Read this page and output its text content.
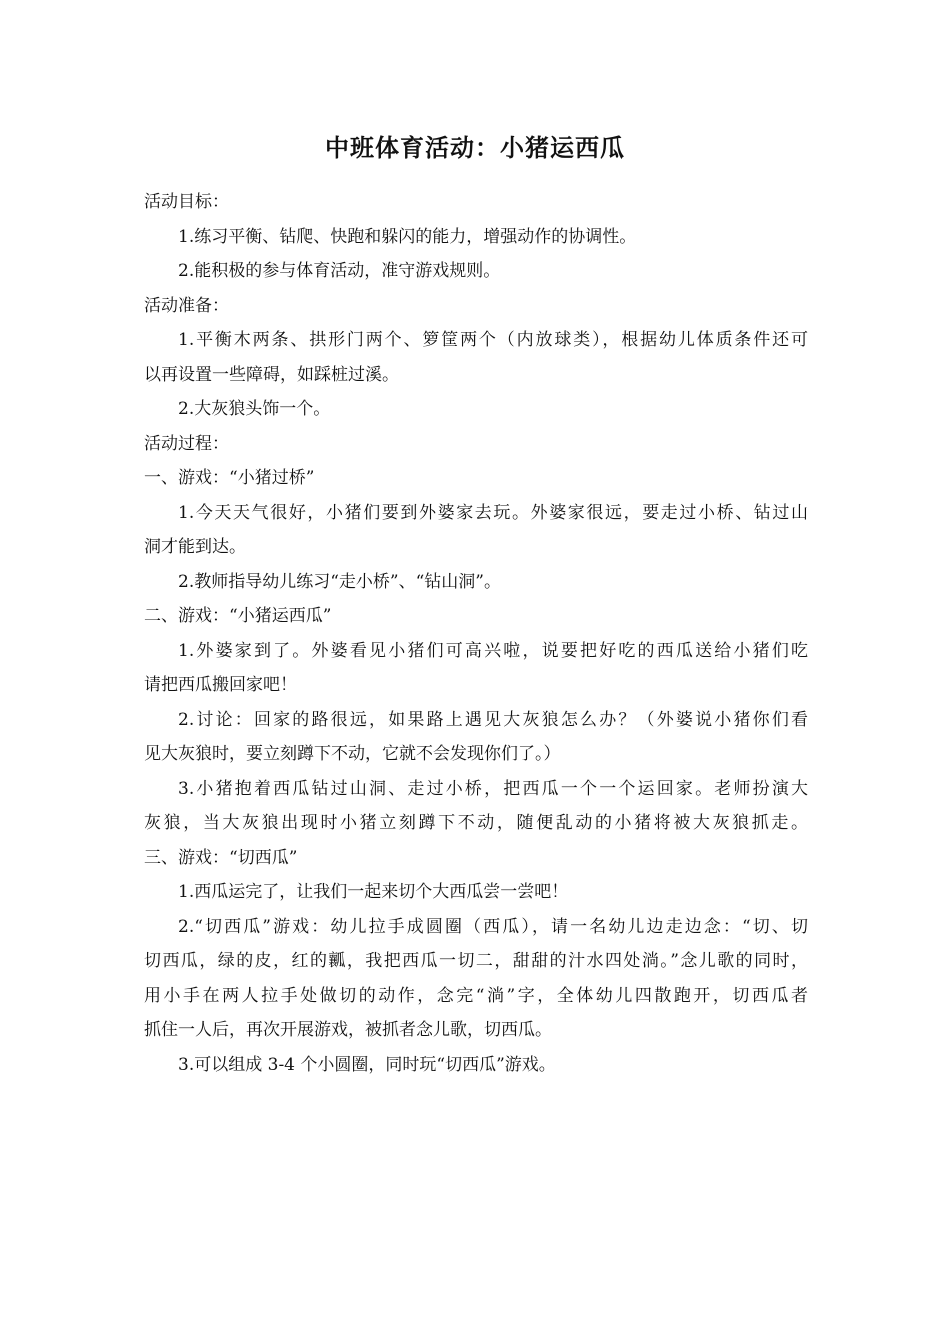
中班体育活动：小猪运西瓜
活动目标：
1.练习平衡、钻爬、快跑和躲闪的能力，增强动作的协调性。
2.能积极的参与体育活动，准守游戏规则。
活动准备：
1.平衡木两条、拱形门两个、箩筐两个（内放球类），根据幼儿体质条件还可
以再设置一些障碍，如踩桩过溪。
2.大灰狼头饰一个。
活动过程：
一、游戏：“小猪过桥”
1.今天天气很好，小猪们要到外婆家去玩。外婆家很远，要走过小桥、钻过山
洞才能到达。
2.教师指导幼儿练习“走小桥”、“钻山洞”。
二、游戏：“小猪运西瓜”
1.外婆家到了。外婆看见小猪们可高兴啦，说要把好吃的西瓜送给小猪们吃
请把西瓜搬回家吧！
2.讨论：回家的路很远，如果路上遇见大灰狼怎么办？（外婆说小猪你们看
见大灰狼时，要立刻蹲下不动，它就不会发现你们了。）
3.小猪抱着西瓜钻过山洞、走过小桥，把西瓜一个一个运回家。老师扮演大
灰狼，当大灰狼出现时小猪立刻蹲下不动，随便乱动的小猪将被大灰狼抓走。
三、游戏：“切西瓜”
1.西瓜运完了，让我们一起来切个大西瓜尝一尝吧！
2.“切西瓜”游戏：幼儿拉手成圆圈（西瓜），请一名幼儿边走边念：“切、切
切西瓜，绿的皮，红的瓤，我把西瓜一切二，甜甜的汁水四处淌。”念儿歌的同时，
用小手在两人拉手处做切的动作，念完“淌”字，全体幼儿四散跑开，切西瓜者
抓住一人后，再次开展游戏，被抓者念儿歌，切西瓜。
3.可以组成 3-4 个小圆圈，同时玩“切西瓜”游戏。
